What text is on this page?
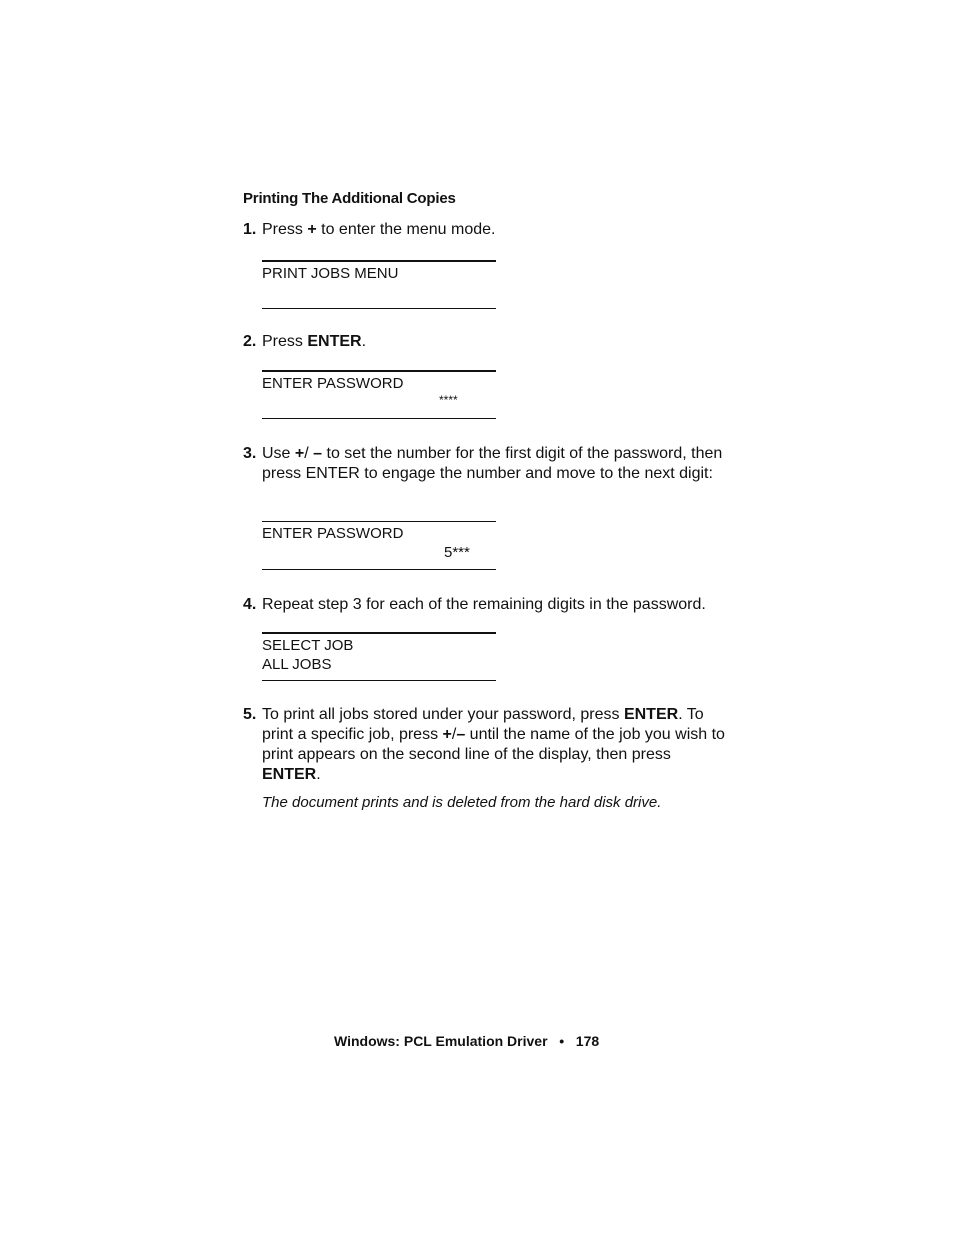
Printing The Additional Copies
1. Press + to enter the menu mode.
PRINT JOBS MENU
2. Press ENTER.
ENTER PASSWORD
****
3. Use +/ – to set the number for the first digit of the password, then press ENTER to engage the number and move to the next digit:
ENTER PASSWORD
5***
4. Repeat step 3 for each of the remaining digits in the password.
SELECT JOB
ALL JOBS
5. To print all jobs stored under your password, press ENTER. To print a specific job, press +/– until the name of the job you wish to print appears on the second line of the display, then press ENTER.
The document prints and is deleted from the hard disk drive.
Windows: PCL Emulation Driver • 178
